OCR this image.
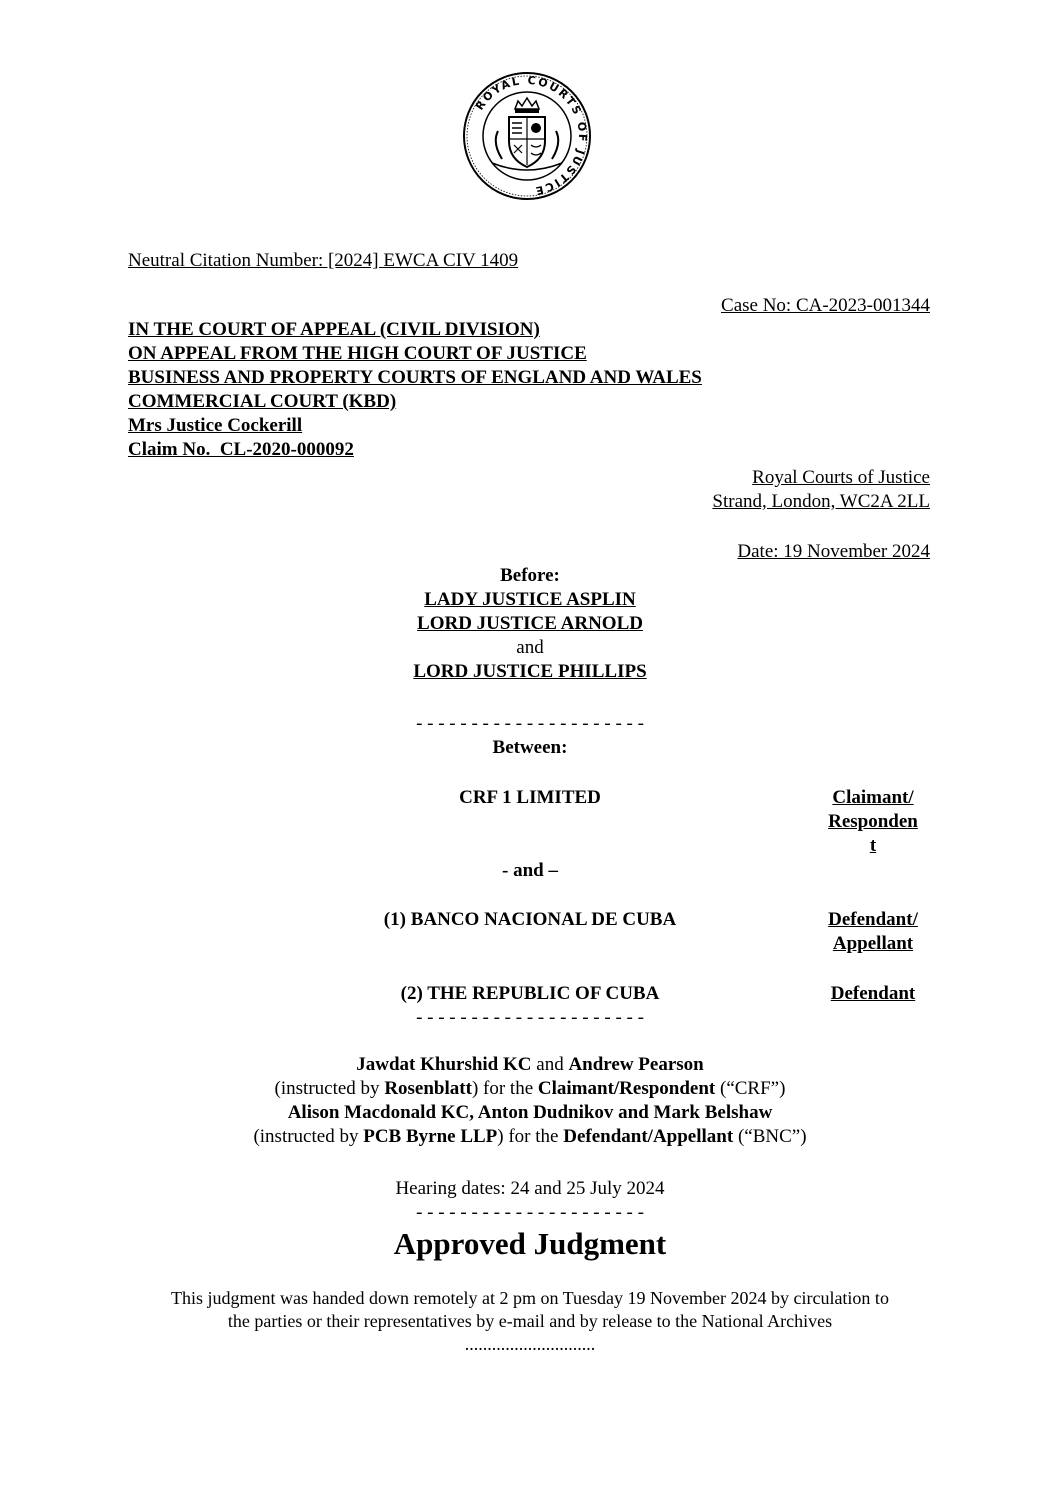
ROYAL COURTS OF JUSTICE
Neutral Citation Number: [2024] EWCA CIV 1409
Case No: CA-2023-001344
IN THE COURT OF APPEAL (CIVIL DIVISION)
ON APPEAL FROM THE HIGH COURT OF JUSTICE
BUSINESS AND PROPERTY COURTS OF ENGLAND AND WALES
COMMERCIAL COURT (KBD)
Mrs Justice Cockerill
Claim No.  CL-2020-000092
Royal Courts of Justice
Strand, London, WC2A 2LL
Date: 19 November 2024
Before:
LADY JUSTICE ASPLIN
LORD JUSTICE ARNOLD
and
LORD JUSTICE PHILLIPS
- - - - - - - - - - - - - - - - - - - - -
Between:
CRF 1 LIMITED	Claimant/
Responden
t
- and –
(1) BANCO NACIONAL DE CUBA	Defendant/
Appellant
(2) THE REPUBLIC OF CUBA	Defendant
- - - - - - - - - - - - - - - - - - - - -
Jawdat Khurshid KC and Andrew Pearson
(instructed by Rosenblatt) for the Claimant/Respondent (“CRF”)
Alison Macdonald KC, Anton Dudnikov and Mark Belshaw
(instructed by PCB Byrne LLP) for the Defendant/Appellant (“BNC”)
Hearing dates: 24 and 25 July 2024
- - - - - - - - - - - - - - - - - - - - -
Approved Judgment
This judgment was handed down remotely at 2 pm on Tuesday 19 November 2024 by circulation to
the parties or their representatives by e-mail and by release to the National Archives
.............................
